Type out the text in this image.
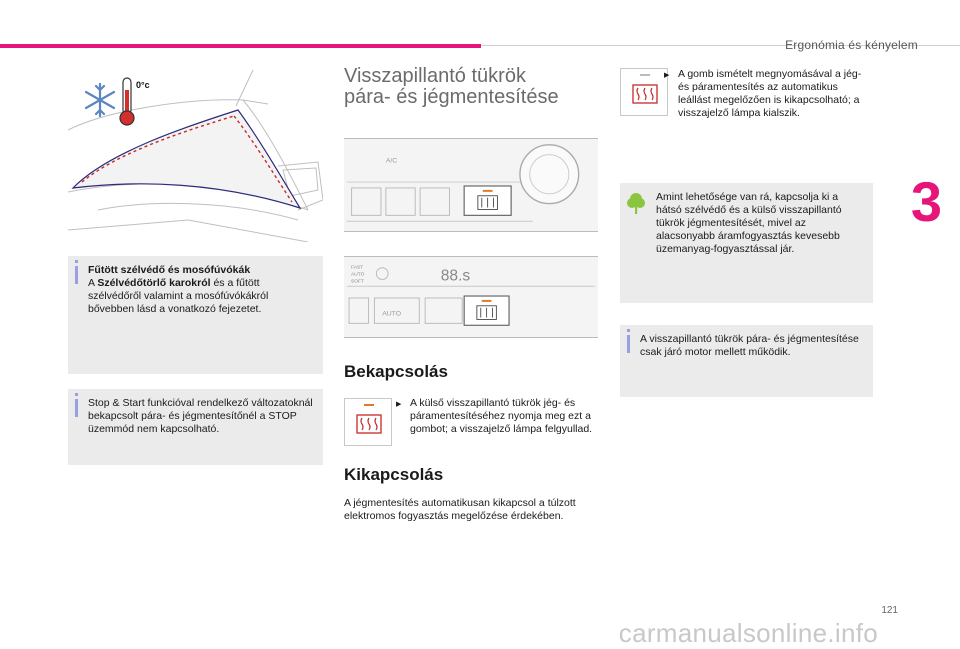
Ergonómia és kényelem
3
0°c
Fűtött szélvédő és mosófúvókák
A Szélvédőtörlő karokról és a fűtött szélvédőről valamint a mosófúvókákról bővebben lásd a vonatkozó fejezetet.
Stop & Start funkcióval rendelkező változatoknál bekapcsolt pára- és jégmentesítőnél a STOP üzemmód nem kapcsolható.
Visszapillantó tükrök
pára- és jégmentesítése
A/C
FAST
AUTO
SOFT	88.s
AUTO
Bekapcsolás
▶ A külső visszapillantó tükrök jég- és páramentesítéséhez nyomja meg ezt a gombot; a visszajelző lámpa felgyullad.
Kikapcsolás
A jégmentesítés automatikusan kikapcsol a túlzott elektromos fogyasztás megelőzése érdekében.
▶ A gomb ismételt megnyomásával a jég- és páramentesítés az automatikus leállást megelőzően is kikapcsolható; a visszajelző lámpa kialszik.
Amint lehetősége van rá, kapcsolja ki a hátsó szélvédő és a külső visszapillantó tükrök jégmentesítését, mivel az alacsonyabb áramfogyasztás kevesebb üzemanyag-fogyasztással jár.
A visszapillantó tükrök pára- és jégmentesítése csak járó motor mellett működik.
121
carmanualsonline.info
